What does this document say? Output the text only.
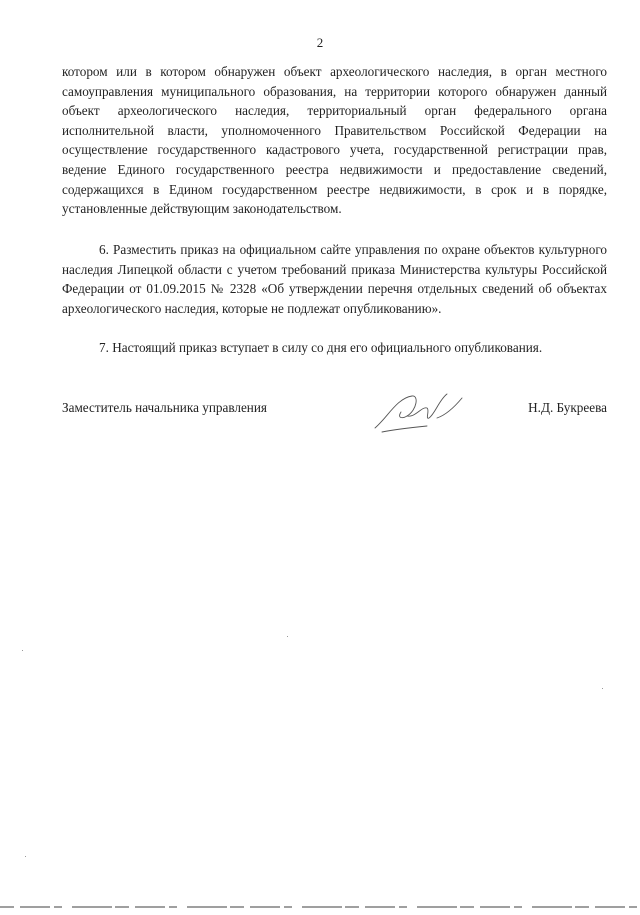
2

котором или в котором обнаружен объект археологического наследия, в орган местного самоуправления муниципального образования, на территории которого обнаружен данный объект археологического наследия, территориальный орган федерального органа исполнительной власти, уполномоченного Правительством Российской Федерации на осуществление государственного кадастрового учета, государственной регистрации прав, ведение Единого государственного реестра недвижимости и предоставление сведений, содержащихся в Едином государственном реестре недвижимости, в срок и в порядке, установленные действующим законодательством.

6. Разместить приказ на официальном сайте управления по охране объектов культурного наследия Липецкой области с учетом требований приказа Министерства культуры Российской Федерации от 01.09.2015 № 2328 «Об утверждении перечня отдельных сведений об объектах археологического наследия, которые не подлежат опубликованию».

7. Настоящий приказ вступает в силу со дня его официального опубликования.

Заместитель начальника управления	Н.Д. Букреева
